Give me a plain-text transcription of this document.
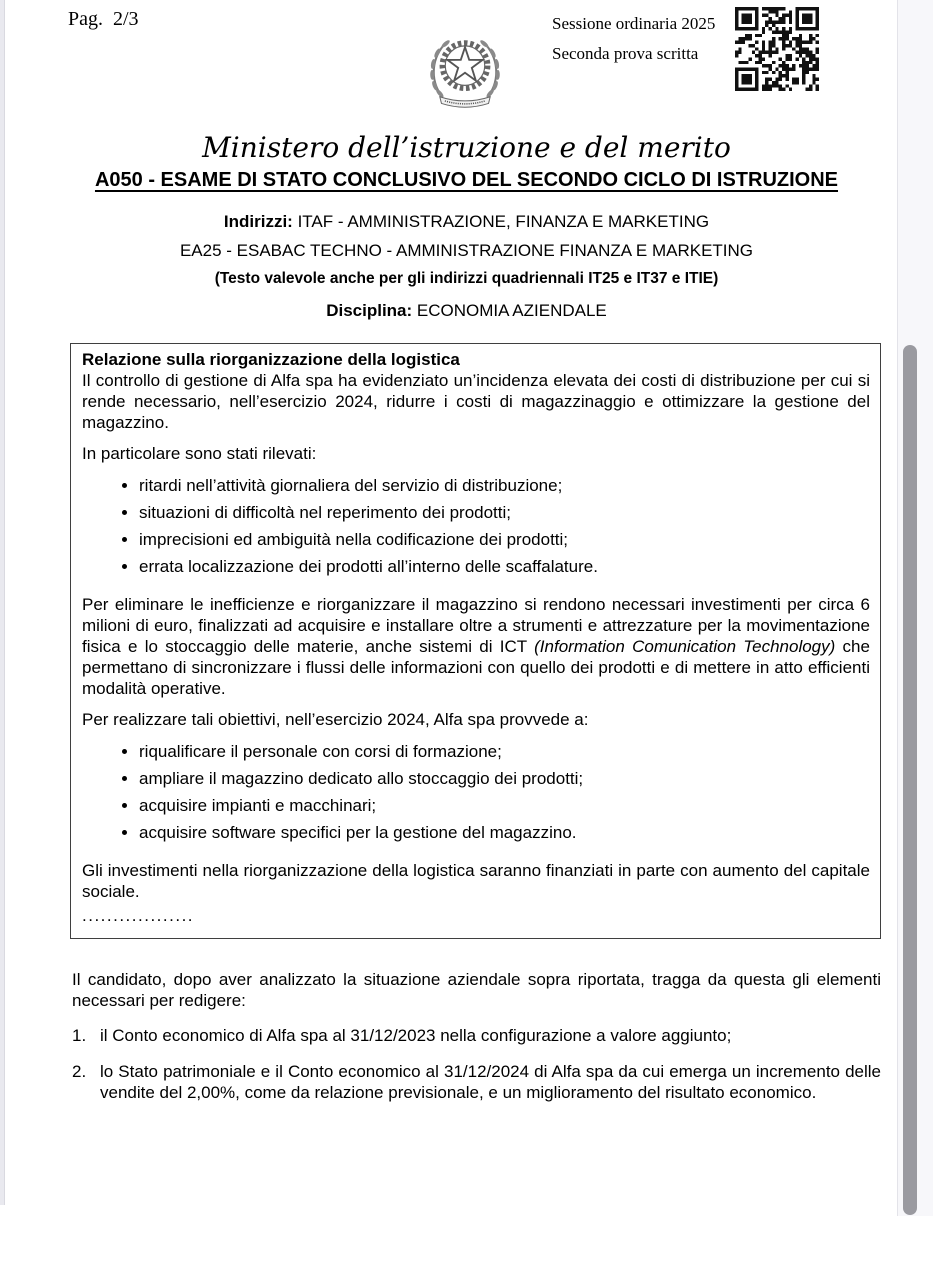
Pag.  2/3	Sessione ordinaria 2025
Seconda prova scritta
Ministero dell’istruzione e del merito
A050 - ESAME DI STATO CONCLUSIVO DEL SECONDO CICLO DI ISTRUZIONE
Indirizzi: ITAF - AMMINISTRAZIONE, FINANZA E MARKETING
EA25 - ESABAC TECHNO - AMMINISTRAZIONE FINANZA E MARKETING
(Testo valevole anche per gli indirizzi quadriennali IT25 e IT37 e ITIE)
Disciplina: ECONOMIA AZIENDALE
Relazione sulla riorganizzazione della logistica

Il controllo di gestione di Alfa spa ha evidenziato un’incidenza elevata dei costi di distribuzione per cui si rende necessario, nell’esercizio 2024, ridurre i costi di magazzinaggio e ottimizzare la gestione del magazzino.

In particolare sono stati rilevati:
• ritardi nell’attività giornaliera del servizio di distribuzione;
• situazioni di difficoltà nel reperimento dei prodotti;
• imprecisioni ed ambiguità nella codificazione dei prodotti;
• errata localizzazione dei prodotti all’interno delle scaffalature.

Per eliminare le inefficienze e riorganizzare il magazzino si rendono necessari investimenti per circa 6 milioni di euro, finalizzati ad acquisire e installare oltre a strumenti e attrezzature per la movimentazione fisica e lo stoccaggio delle materie, anche sistemi di ICT (Information Comunication Technology) che permettano di sincronizzare i flussi delle informazioni con quello dei prodotti e di mettere in atto efficienti modalità operative.

Per realizzare tali obiettivi, nell’esercizio 2024, Alfa spa provvede a:
• riqualificare il personale con corsi di formazione;
• ampliare il magazzino dedicato allo stoccaggio dei prodotti;
• acquisire impianti e macchinari;
• acquisire software specifici per la gestione del magazzino.

Gli investimenti nella riorganizzazione della logistica saranno finanziati in parte con aumento del capitale sociale.

..................

Il candidato, dopo aver analizzato la situazione aziendale sopra riportata, tragga da questa gli elementi necessari per redigere:

1. il Conto economico di Alfa spa al 31/12/2023 nella configurazione a valore aggiunto;
2. lo Stato patrimoniale e il Conto economico al 31/12/2024 di Alfa spa da cui emerga un incremento delle vendite del 2,00%, come da relazione previsionale, e un miglioramento del risultato economico.
